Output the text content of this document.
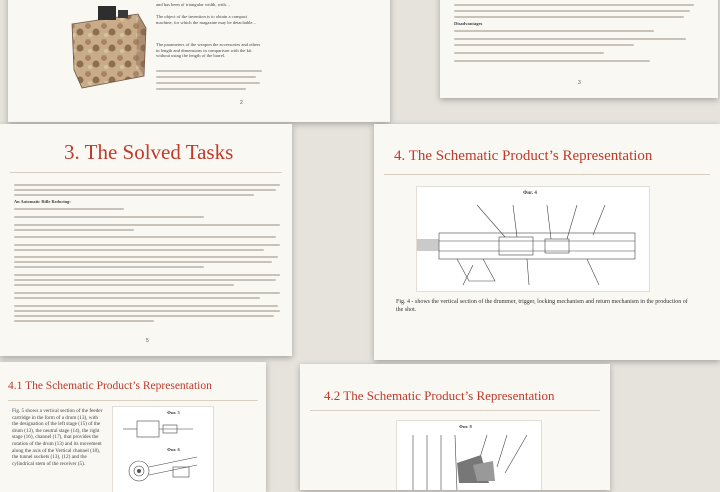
and has been of triangular width, with…
The object of the invention is to obtain a compact machine, for which the magazine may be detachable...
The parameters of the weapon the accessories and others in length and dimensions in comparison with the kit without using the length of the barrel.
2
Disadvantages
3
3. The Solved Tasks
An Automatic Rifle Reducing:
5
4. The Schematic Product’s Representation
Фиг. 4
Fig. 4 - shows the vertical section of the drummer, trigger, locking mechanism and return mechanism in the production of the shot.
4.1 The Schematic Product’s Representation
Fig. 5 shows a vertical section of the feeder cartridge in the form of a drum (13), with the designation of the left stage (15) of the drum (13), the neutral stage (14), the right stage (16), channel (17), that provides the rotation of the drum (13) and its movement along the axis of the Vertical channel (18), the tunnel sockets (13), (12) and the cylindrical stem of the receiver (5).
Фиг. 5
Фиг. 6
4.2 The Schematic Product’s Representation
Фиг. 8
